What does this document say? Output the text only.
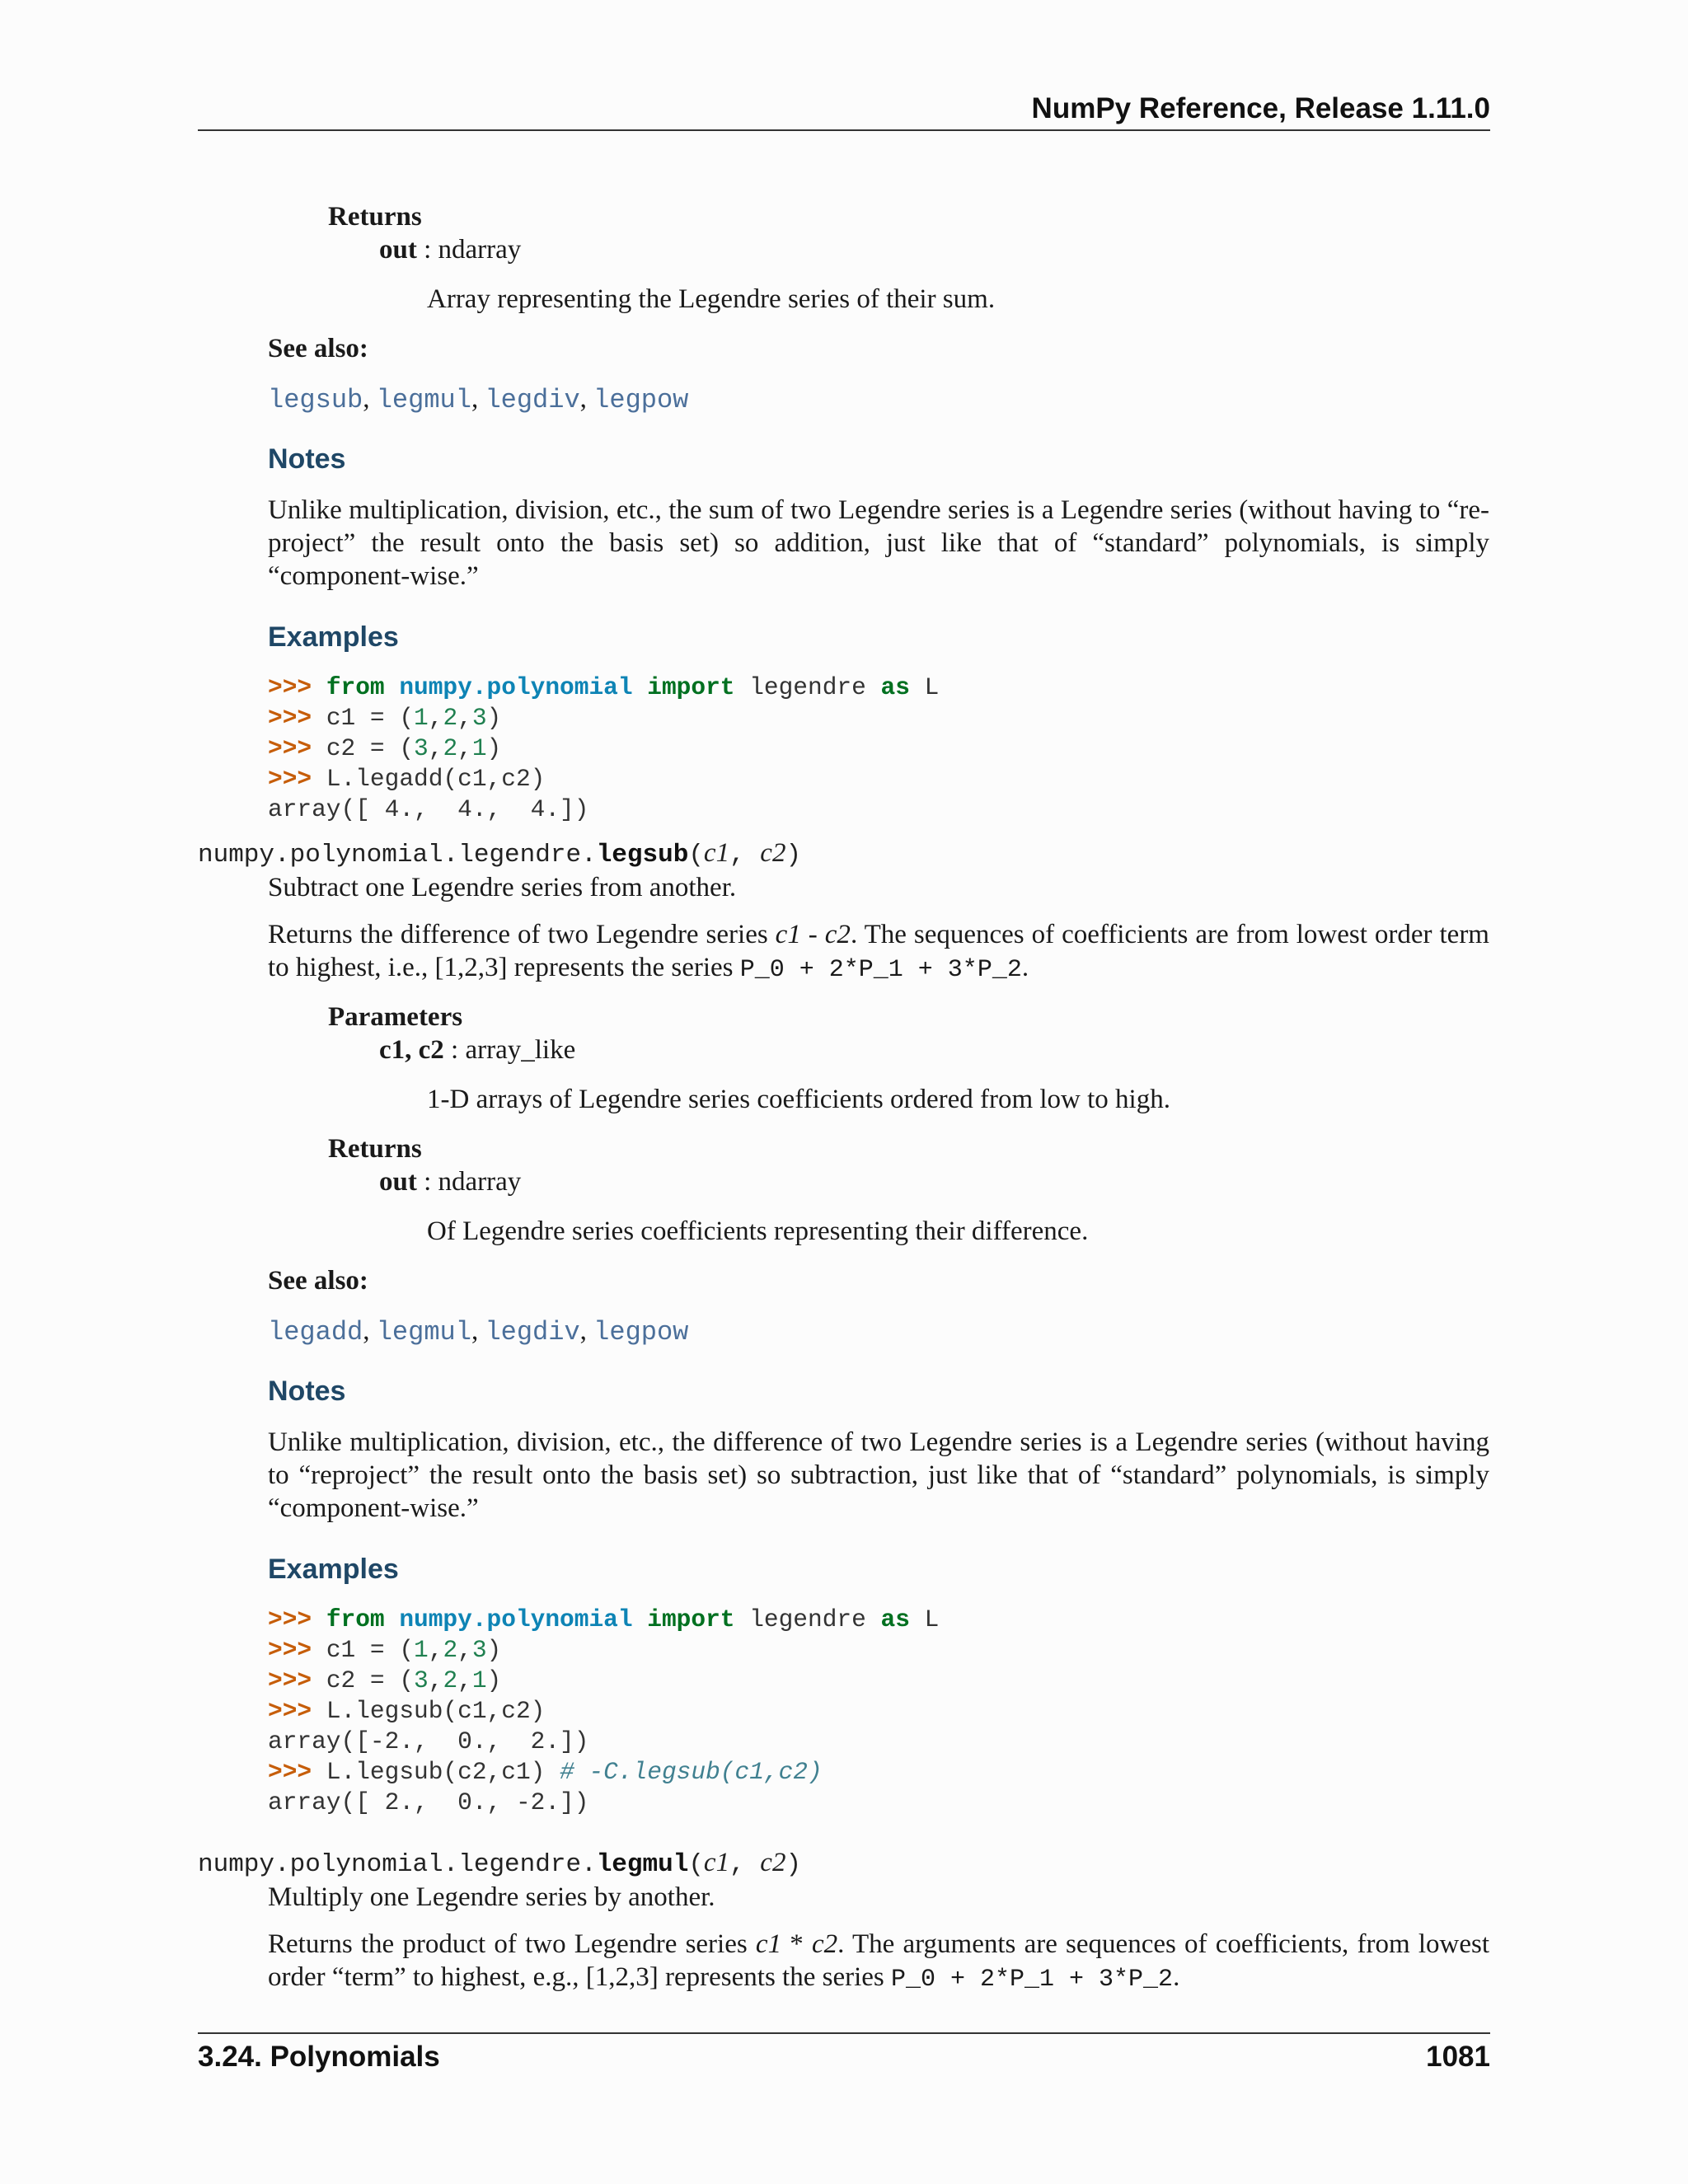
NumPy Reference, Release 1.11.0
Returns
out : ndarray
Array representing the Legendre series of their sum.
See also:
legsub, legmul, legdiv, legpow
Notes
Unlike multiplication, division, etc., the sum of two Legendre series is a Legendre series (without having to “re-project” the result onto the basis set) so addition, just like that of “standard” polynomials, is simply “component-wise.”
Examples
>>> from numpy.polynomial import legendre as L
>>> c1 = (1,2,3)
>>> c2 = (3,2,1)
>>> L.legadd(c1,c2)
array([ 4.,  4.,  4.])
numpy.polynomial.legendre.legsub(c1, c2)
Subtract one Legendre series from another.
Returns the difference of two Legendre series c1 - c2. The sequences of coefficients are from lowest order term to highest, i.e., [1,2,3] represents the series P_0 + 2*P_1 + 3*P_2.
Parameters
c1, c2 : array_like
1-D arrays of Legendre series coefficients ordered from low to high.
Returns
out : ndarray
Of Legendre series coefficients representing their difference.
See also:
legadd, legmul, legdiv, legpow
Notes
Unlike multiplication, division, etc., the difference of two Legendre series is a Legendre series (without having to “reproject” the result onto the basis set) so subtraction, just like that of “standard” polynomials, is simply “component-wise.”
Examples
>>> from numpy.polynomial import legendre as L
>>> c1 = (1,2,3)
>>> c2 = (3,2,1)
>>> L.legsub(c1,c2)
array([-2.,  0.,  2.])
>>> L.legsub(c2,c1) # -C.legsub(c1,c2)
array([ 2.,  0., -2.])
numpy.polynomial.legendre.legmul(c1, c2)
Multiply one Legendre series by another.
Returns the product of two Legendre series c1 * c2. The arguments are sequences of coefficients, from lowest order “term” to highest, e.g., [1,2,3] represents the series P_0 + 2*P_1 + 3*P_2.
3.24. Polynomials	1081
